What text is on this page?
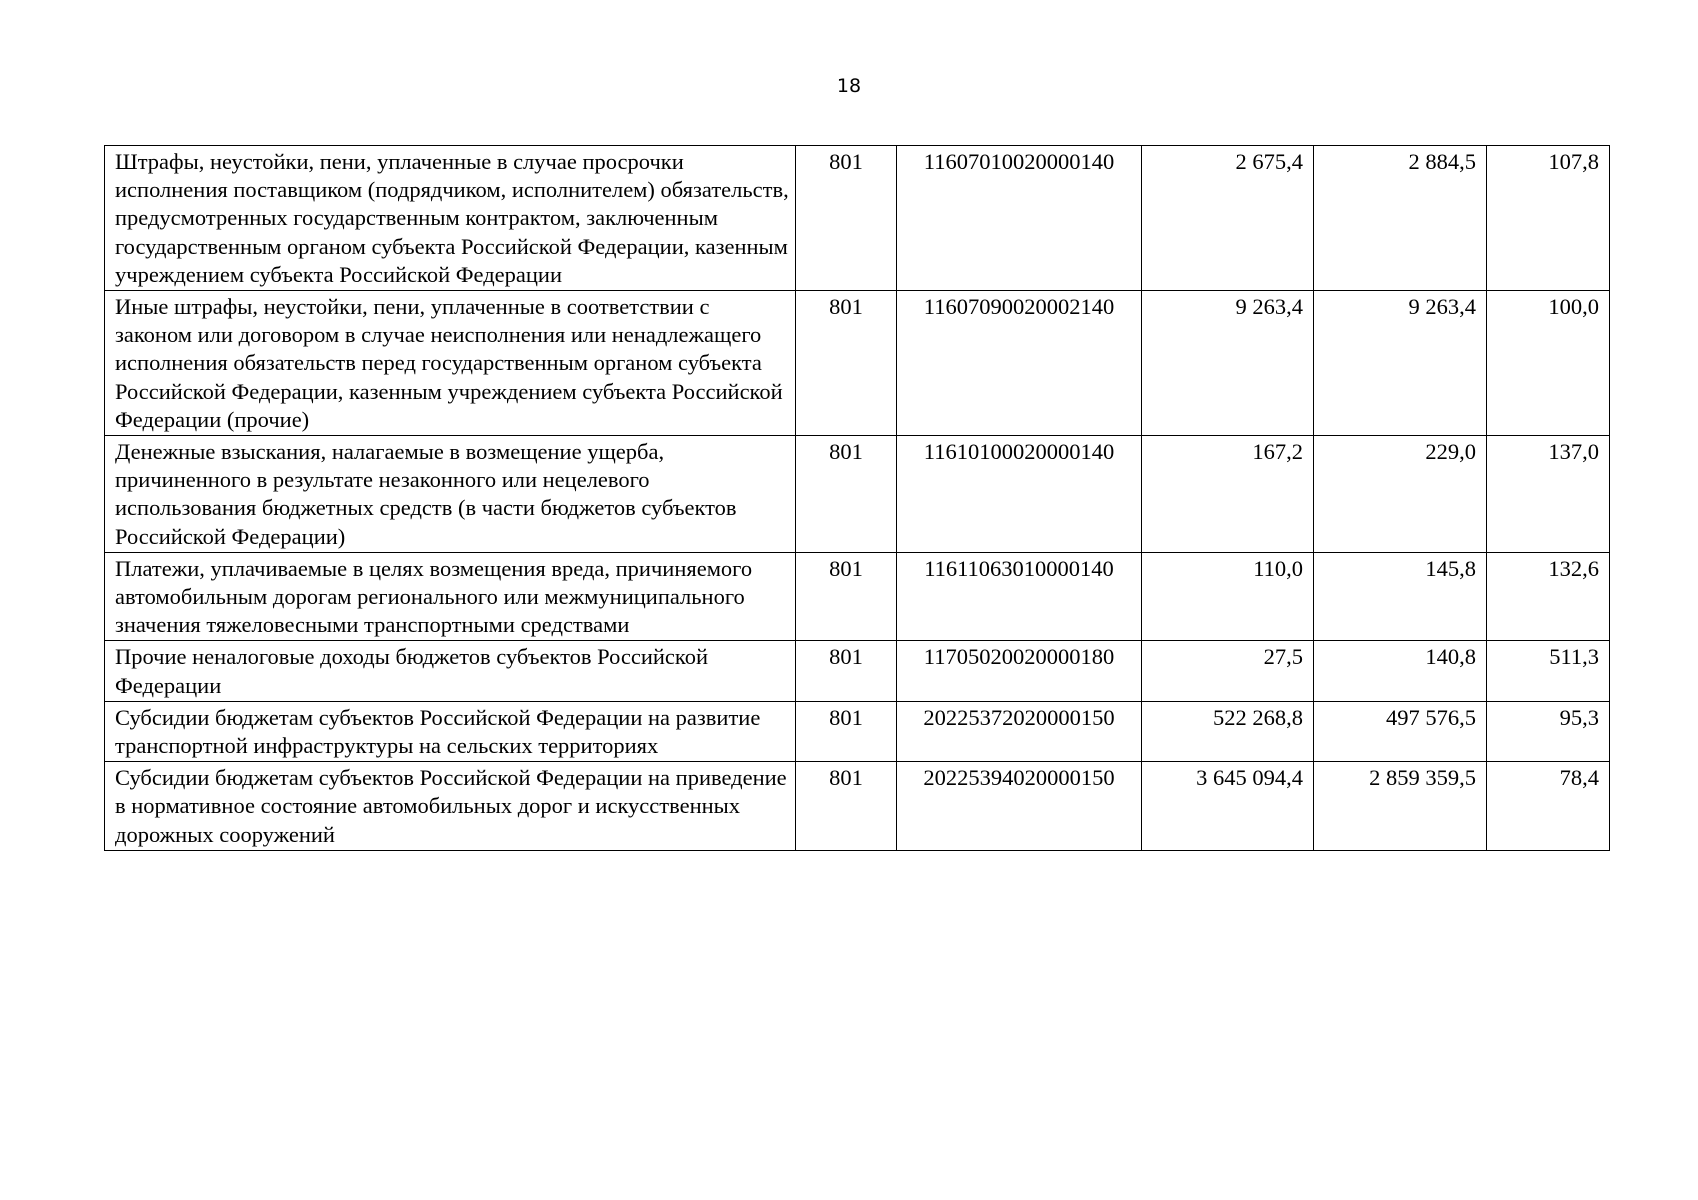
18
Штрафы, неустойки, пени, уплаченные в случае просрочки исполнения поставщиком (подрядчиком, исполнителем) обязательств, предусмотренных государственным контрактом, заключенным государственным органом субъекта Российской Федерации, казенным учреждением субъекта Российской Федерации	801	11607010020000140	2 675,4	2 884,5	107,8
Иные штрафы, неустойки, пени, уплаченные в соответствии с законом или договором в случае неисполнения или ненадлежащего исполнения обязательств перед государственным органом субъекта Российской Федерации, казенным учреждением субъекта Российской Федерации (прочие)	801	11607090020002140	9 263,4	9 263,4	100,0
Денежные взыскания, налагаемые в возмещение ущерба, причиненного в результате незаконного или нецелевого использования бюджетных средств (в части бюджетов субъектов Российской Федерации)	801	11610100020000140	167,2	229,0	137,0
Платежи, уплачиваемые в целях возмещения вреда, причиняемого автомобильным дорогам регионального или межмуниципального значения тяжеловесными транспортными средствами	801	11611063010000140	110,0	145,8	132,6
Прочие неналоговые доходы бюджетов субъектов Российской Федерации	801	11705020020000180	27,5	140,8	511,3
Субсидии бюджетам субъектов Российской Федерации на развитие транспортной инфраструктуры на сельских территориях	801	20225372020000150	522 268,8	497 576,5	95,3
Субсидии бюджетам субъектов Российской Федерации на приведение в нормативное состояние автомобильных дорог и искусственных дорожных сооружений	801	20225394020000150	3 645 094,4	2 859 359,5	78,4
